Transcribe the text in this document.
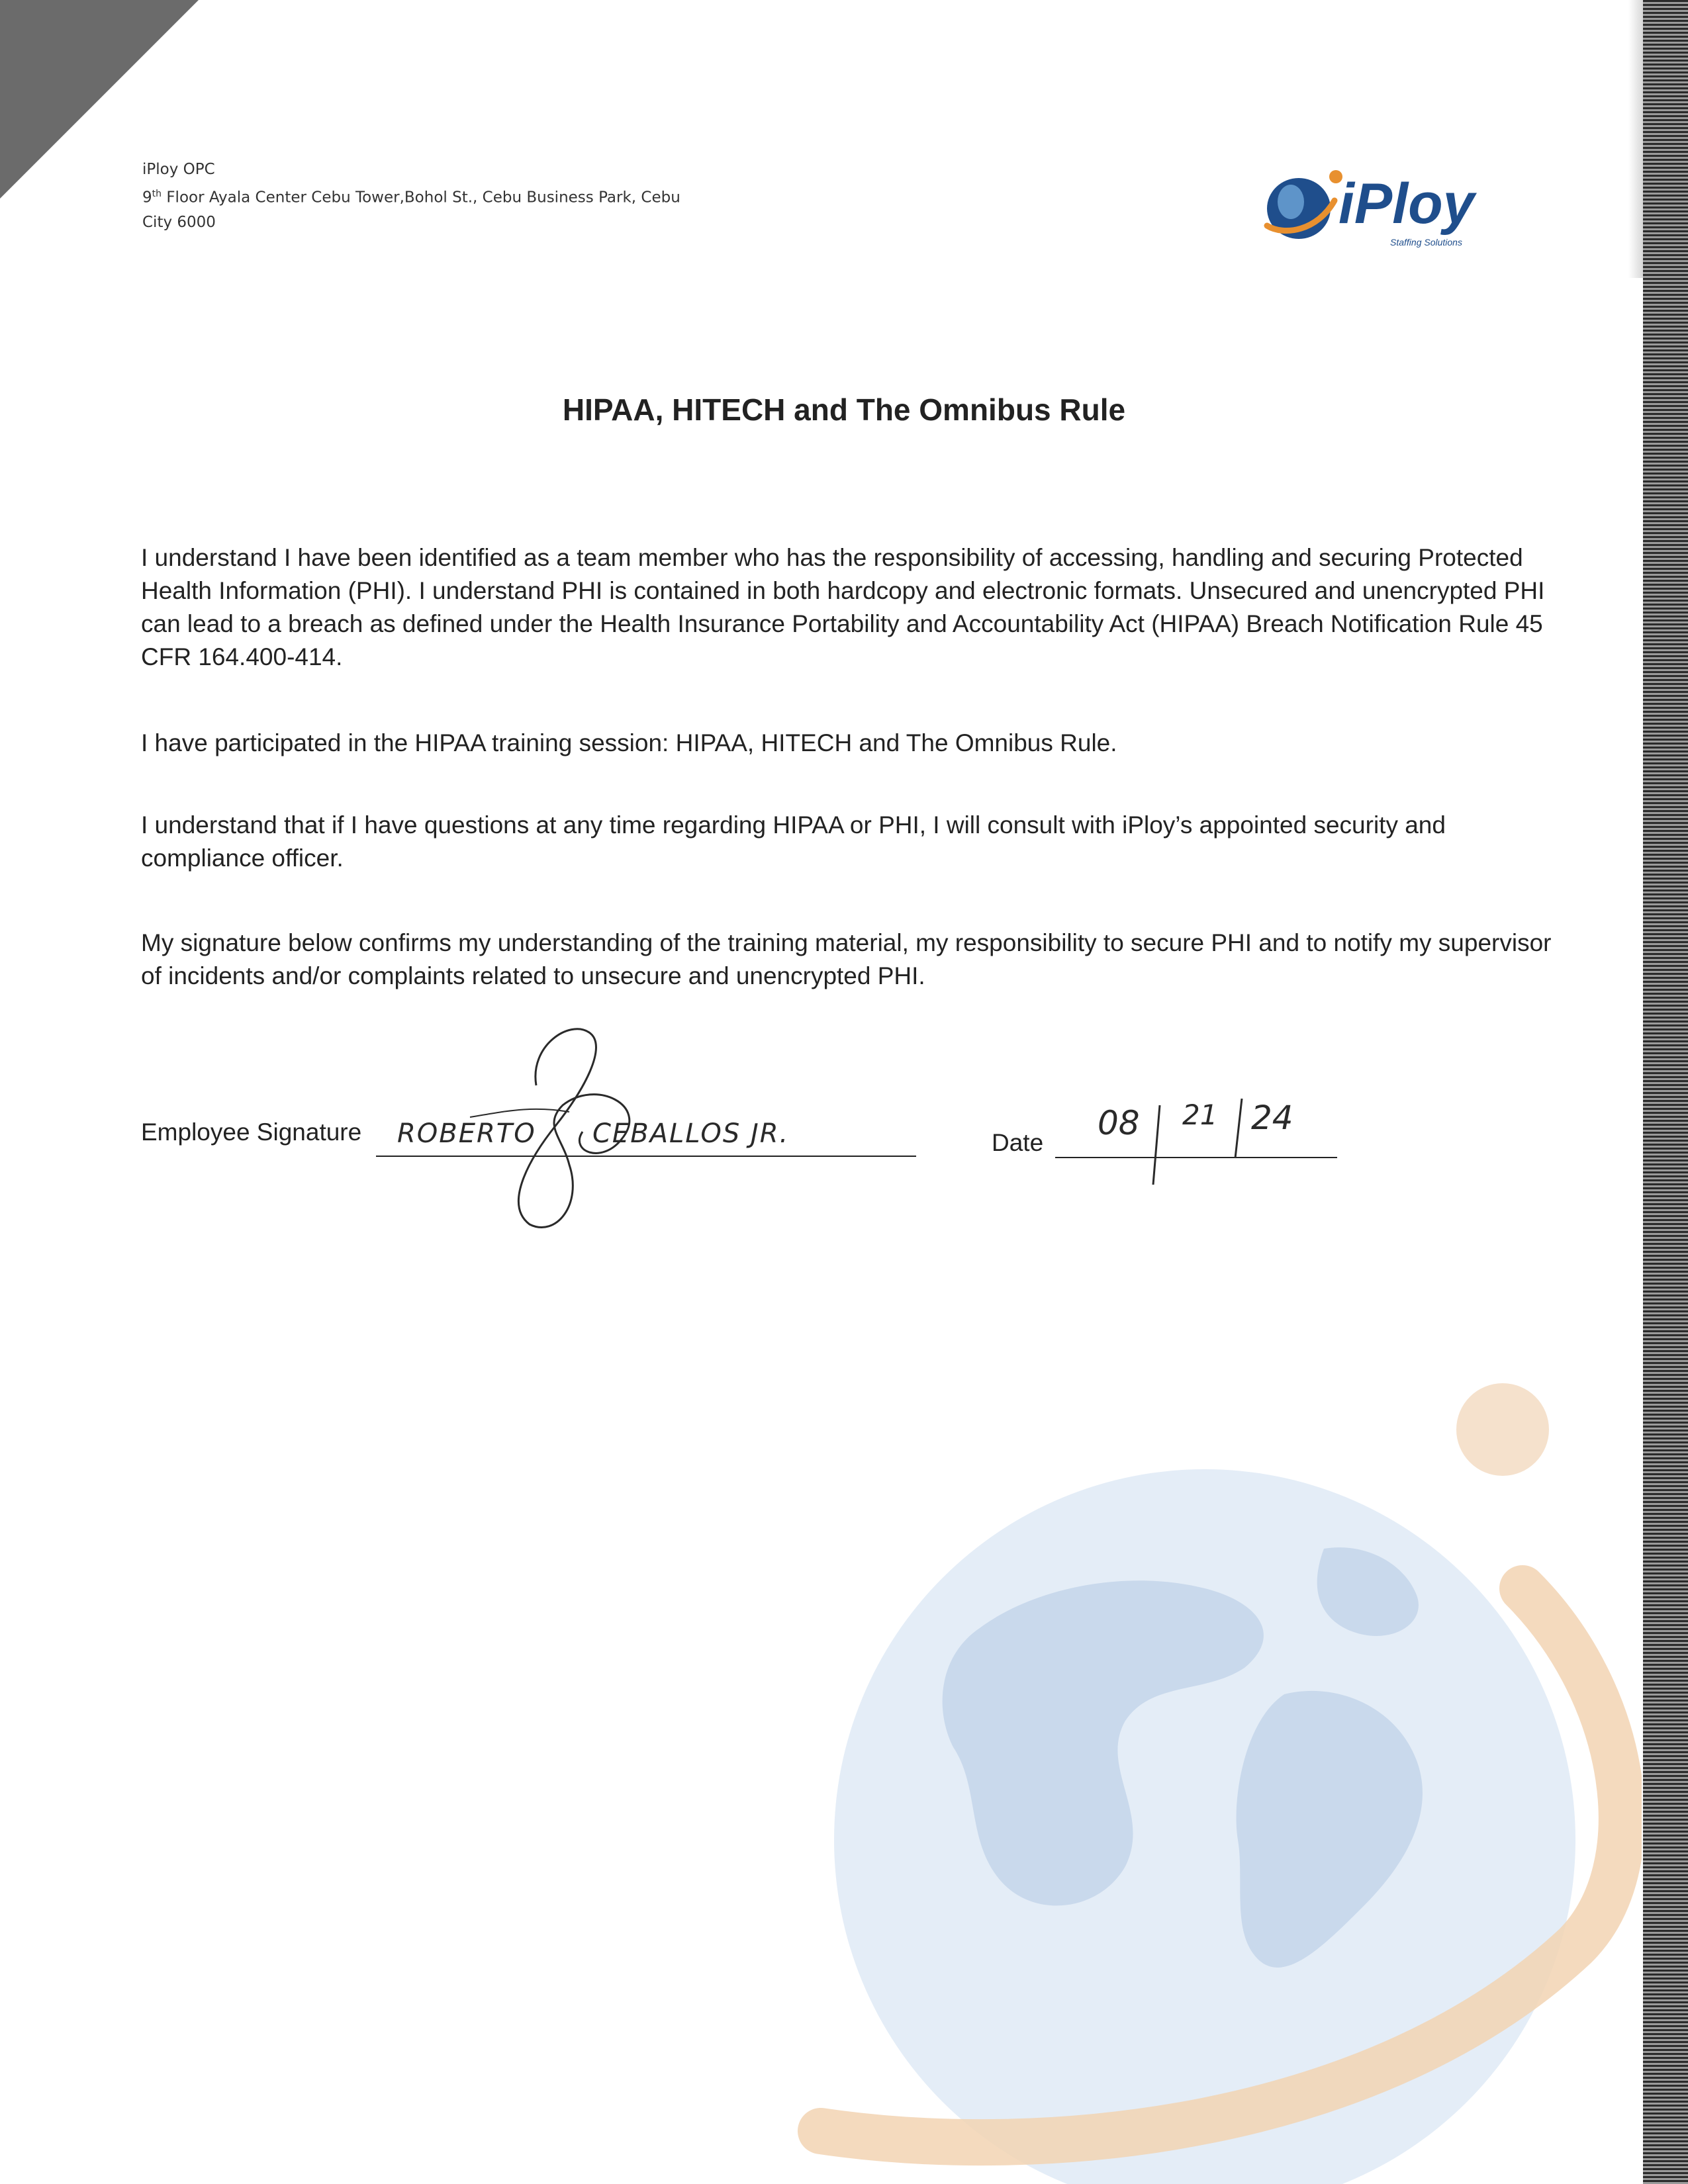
iPloy OPC
9th Floor Ayala Center Cebu Tower,Bohol St., Cebu Business Park, Cebu
City 6000	iPloy
Staffing Solutions
HIPAA, HITECH and The Omnibus Rule
I understand I have been identified as a team member who has the responsibility of accessing, handling and securing Protected Health Information (PHI). I understand PHI is contained in both hardcopy and electronic formats. Unsecured and unencrypted PHI can lead to a breach as defined under the Health Insurance Portability and Accountability Act (HIPAA) Breach Notification Rule 45 CFR 164.400-414.
I have participated in the HIPAA training session: HIPAA, HITECH and The Omnibus Rule.
I understand that if I have questions at any time regarding HIPAA or PHI, I will consult with iPloy’s appointed security and compliance officer.
My signature below confirms my understanding of the training material, my responsibility to secure PHI and to notify my supervisor of incidents and/or complaints related to unsecure and unencrypted PHI.
Employee Signature ROBERTO CEBALLOS JR.	Date
08 21 24
